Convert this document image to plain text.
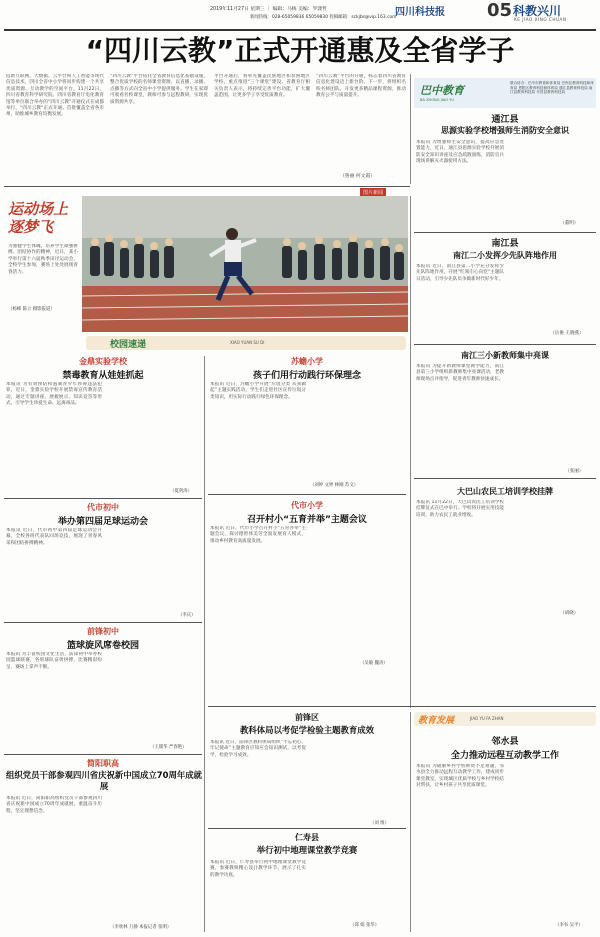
四川科技报
2019年11月27日 星期三 ｜ 编辑：马梅 美编：罗潇哲
新闻热线：028-65059836 65059830 投稿邮箱：sckjbs@vip.163.com	05 科教兴川
KE JIAO XING CHUAN
“四川云教”正式开通惠及全省学子
借助互联网、大数据、云平台和人工智能等现代信息技术，四川全省中小学将同步构建一个共享优质资源、互动教学的空间平台。11月22日，四川省教育科学研究院、四川省教育厅电化教育馆等单位联合举办的“四川云教”开通仪式在成都举行，“四川云教”正式开通。首批覆盖全省各市州，助推城乡教育均衡发展。
“四川云教”平台依托全省教育信息化基础设施，整合优质学校的名师课堂资源，以直播、录播、点播等方式向全省中小学提供服务。学生在家即可收看名校课堂，教师可参与远程教研，实现优质资源共享。
平台开通后，将率先覆盖民族地区和贫困地区学校，重点推进“三个课堂”建设。省教育厅相关负责人表示，将持续完善平台功能，扩大覆盖范围，让更多学子享受优质教育。
“四川云教”平台的开通，标志着四川省教育信息化建设迈上新台阶。下一步，将组织名校名师团队，开发更多精品课程资源，推动教育公平与质量提升。
（鲁丽 何文霞）
巴中教育
BA ZHONG JIAO YU
联合协办：巴中市教育和体育局 巴州区教育科技和体育局 恩阳区教育科技和体育局 通江县教育科技局 南江县教育科技局 平昌县教育科技局
通江县
思源实验学校增强师生消防安全意识
本报讯 为增强师生安全意识，提高应急处置能力，近日，通江县思源实验学校开展消防安全知识讲座及应急疏散演练，消防官兵现场讲解灭火器使用方法。

（董明）
南江县
南江二小发挥少先队阵地作用
本报讯 近日，南江县第二小学充分发挥少先队阵地作用，开展“红领巾心向党”主题队日活动，引导少先队员争做新时代好少年。
（岳俊 王晓燕）
南江三小新教师集中亮课
本报讯 为提升新教师课堂教学能力，南江县第三小学组织新教师集中亮课活动，老教师现场点评指导，促进青年教师快速成长。
（张丽）
大巴山农民工培训学校挂牌
本报讯 11月22日，大巴山农民工培训学校挂牌仪式在巴中举行。学校将开展实用技能培训，助力农民工就业增收。
（胡晓）
图片新闻
运动场上逐梦飞
为强健学生体魄，培养学生顽强拼搏、团结协作的精神，近日，某小学举行第十六届秋季田径运动会，全校学生参加，赛场上处处展现青春活力。
（杨峰 陈立 摄影报道）
校园速递	XIAO YUAN SU DI
金鼎实验学校
禁毒教育从娃娃抓起
本报讯 为有效预防和遏制青少年涉毒违法犯罪，近日，金鼎实验学校开展禁毒宣传教育活动，通过专题讲座、展板展示、知识竞答等形式，引导学生珍爱生命、远离毒品。
（夏剑涛）
代市初中
举办第四届足球运动会
本报讯 近日，代市初中第四届足球运动会开幕，全校各班代表队同场竞技，展现了青春风采和团结拼搏精神。
（李庆）
前锋初中
篮球旋风席卷校园
本报讯 为丰富校园文化生活，前锋初中举办校园篮球联赛，各班球队奋勇拼搏，比赛精彩纷呈，赛场上掌声不断。
（王儒华 严春艳）
简阳职高
组织党员干部参观四川省庆祝新中国成立70周年成就展
本报讯 近日，简阳职高组织党员干部参观四川省庆祝新中国成立70周年成就展，重温奋斗历程，坚定理想信念。
（李欣林 万静 本报记者 张明）
苏蟾小学
孩子们用行动践行环保理念
本报讯 近日，苏蟾小学开展“垃圾分类 从我做起”主题实践活动，学生们走进社区宣传垃圾分类知识，用实际行动践行绿色环保理念。
（刘婷 文婷 林刚 苏文）
代市小学
召开村小“五育并举”主题会议
本报讯 近日，代市小学召开村小“五育并举”主题会议，探讨德智体美劳全面发展育人模式，推动乡村教育高质量发展。
（吴敏 魏涛）
前锋区
教科体局以考促学检验主题教育成效
本报讯 近日，前锋区教科体局组织“不忘初心、牢记使命”主题教育应知应会知识测试，以考促学，检验学习成效。
（刘 维）
仁寿县
举行初中地理课堂教学竞赛
本报讯 近日，仁寿县举行初中地理课堂教学竞赛，参赛教师精心设计教学环节，展示了扎实的教学功底。
（邱 娟 张华）
教育发展	JIAO YU FA ZHAN
邻水县
全力推动远程互动教学工作
本报讯 为破解乡村学校师资不足难题，邻水县全力推动远程互动教学工作，建成同步课堂教室，实现城区优质学校与乡村学校结对帮扶，让乡村孩子共享优质课堂。
（李书 吴平）
